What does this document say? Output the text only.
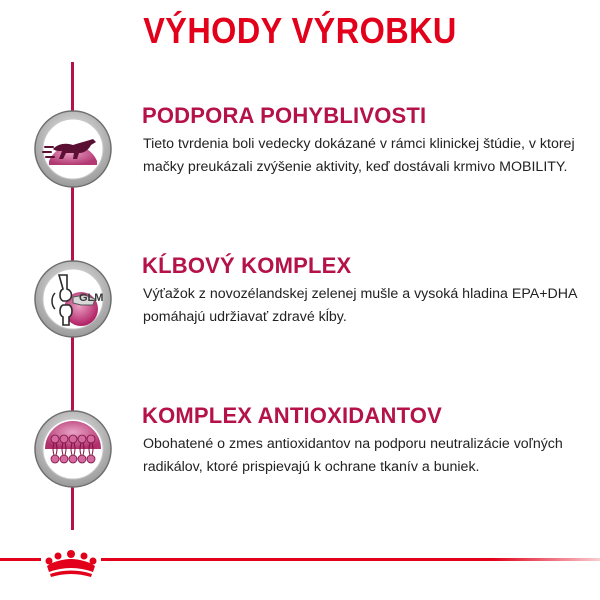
VÝHODY VÝROBKU
PODPORA POHYBLIVOSTI
Tieto tvrdenia boli vedecky dokázané v rámci klinickej štúdie, v ktorej mačky preukázali zvýšenie aktivity, keď dostávali krmivo MOBILITY.
GLM
KĹBOVÝ KOMPLEX
Výťažok z novozélandskej zelenej mušle a vysoká hladina EPA+DHA pomáhajú udržiavať zdravé kĺby.
KOMPLEX ANTIOXIDANTOV
Obohatené o zmes antioxidantov na podporu neutralizácie voľných radikálov, ktoré prispievajú k ochrane tkanív a buniek.
